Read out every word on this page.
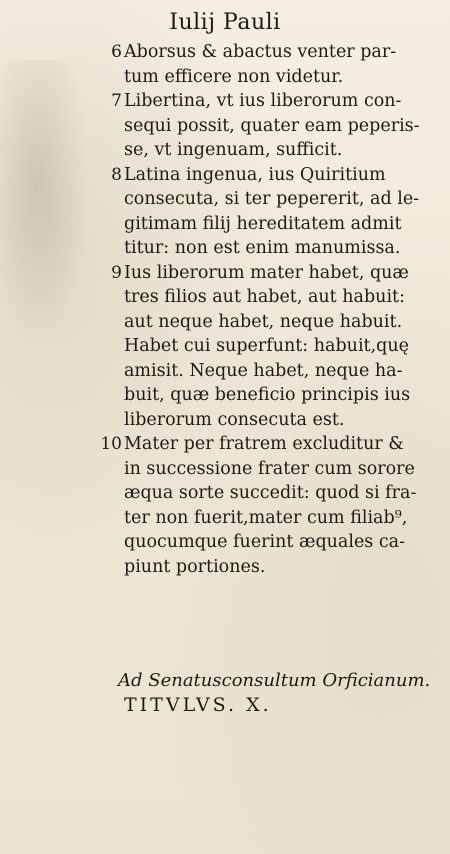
Iulij Pauli
6 Aborsus & abactus venter par-
tum efficere non videtur.
7 Libertina, vt ius liberorum con-
sequi possit, quater eam peperis-
se, vt ingenuam, sufficit.
8 Latina ingenua, ius Quiritium
consecuta, si ter pepererit, ad le-
gitimam filij hereditatem admit
titur: non est enim manumissa.
9 Ius liberorum mater habet, quæ
tres filios aut habet, aut habuit:
aut neque habet, neque habuit.
Habet cui superfunt: habuit,quę
amisit. Neque habet, neque ha-
buit, quæ beneficio principis ius
liberorum consecuta est.
10 Mater per fratrem excluditur &
in successione frater cum sorore
æqua sorte succedit: quod si fra-
ter non fuerit,mater cum filiab⁹,
quocumque fuerint æquales ca-
piunt portiones.
Ad Senatusconsultum Orficianum.
TITVLVS. X.
